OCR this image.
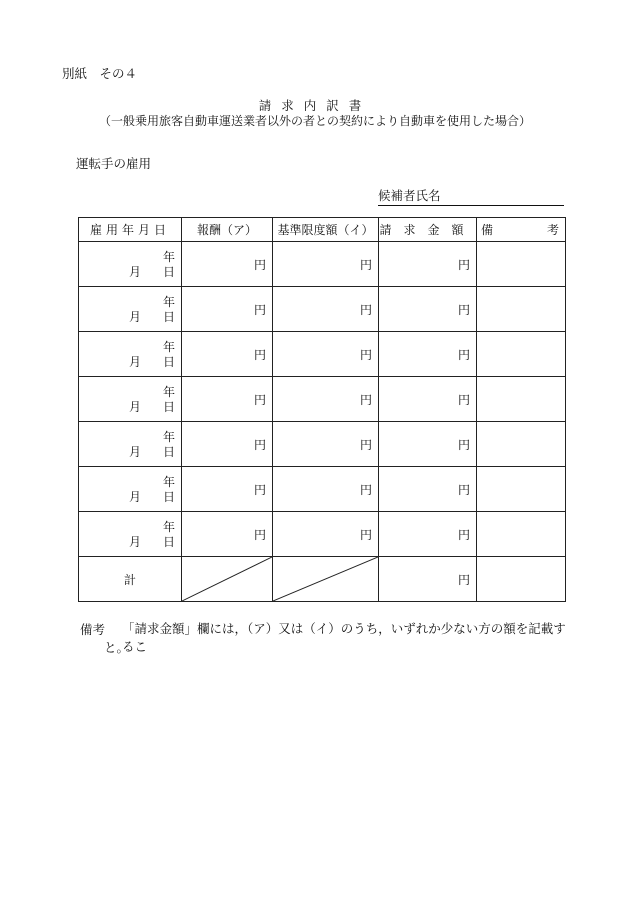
別紙　その４
請求内訳書
（一般乗用旅客自動車運送業者以外の者との契約により自動車を使用した場合）
運転手の雇用
候補者氏名
雇用年月日	報酬（ア）	基準限度額（イ）	請求金額	備 考

年
月 日	円	円	円	

年
月 日	円	円	円	

年
月 日	円	円	円	

年
月 日	円	円	円	

年
月 日	円	円	円	

年
月 日	円	円	円	

年
月 日	円	円	円	

計			円	

備考 「請求金額」欄には，（ア）又は（イ）のうち，いずれか少ない方の額を記載するこ
と。
